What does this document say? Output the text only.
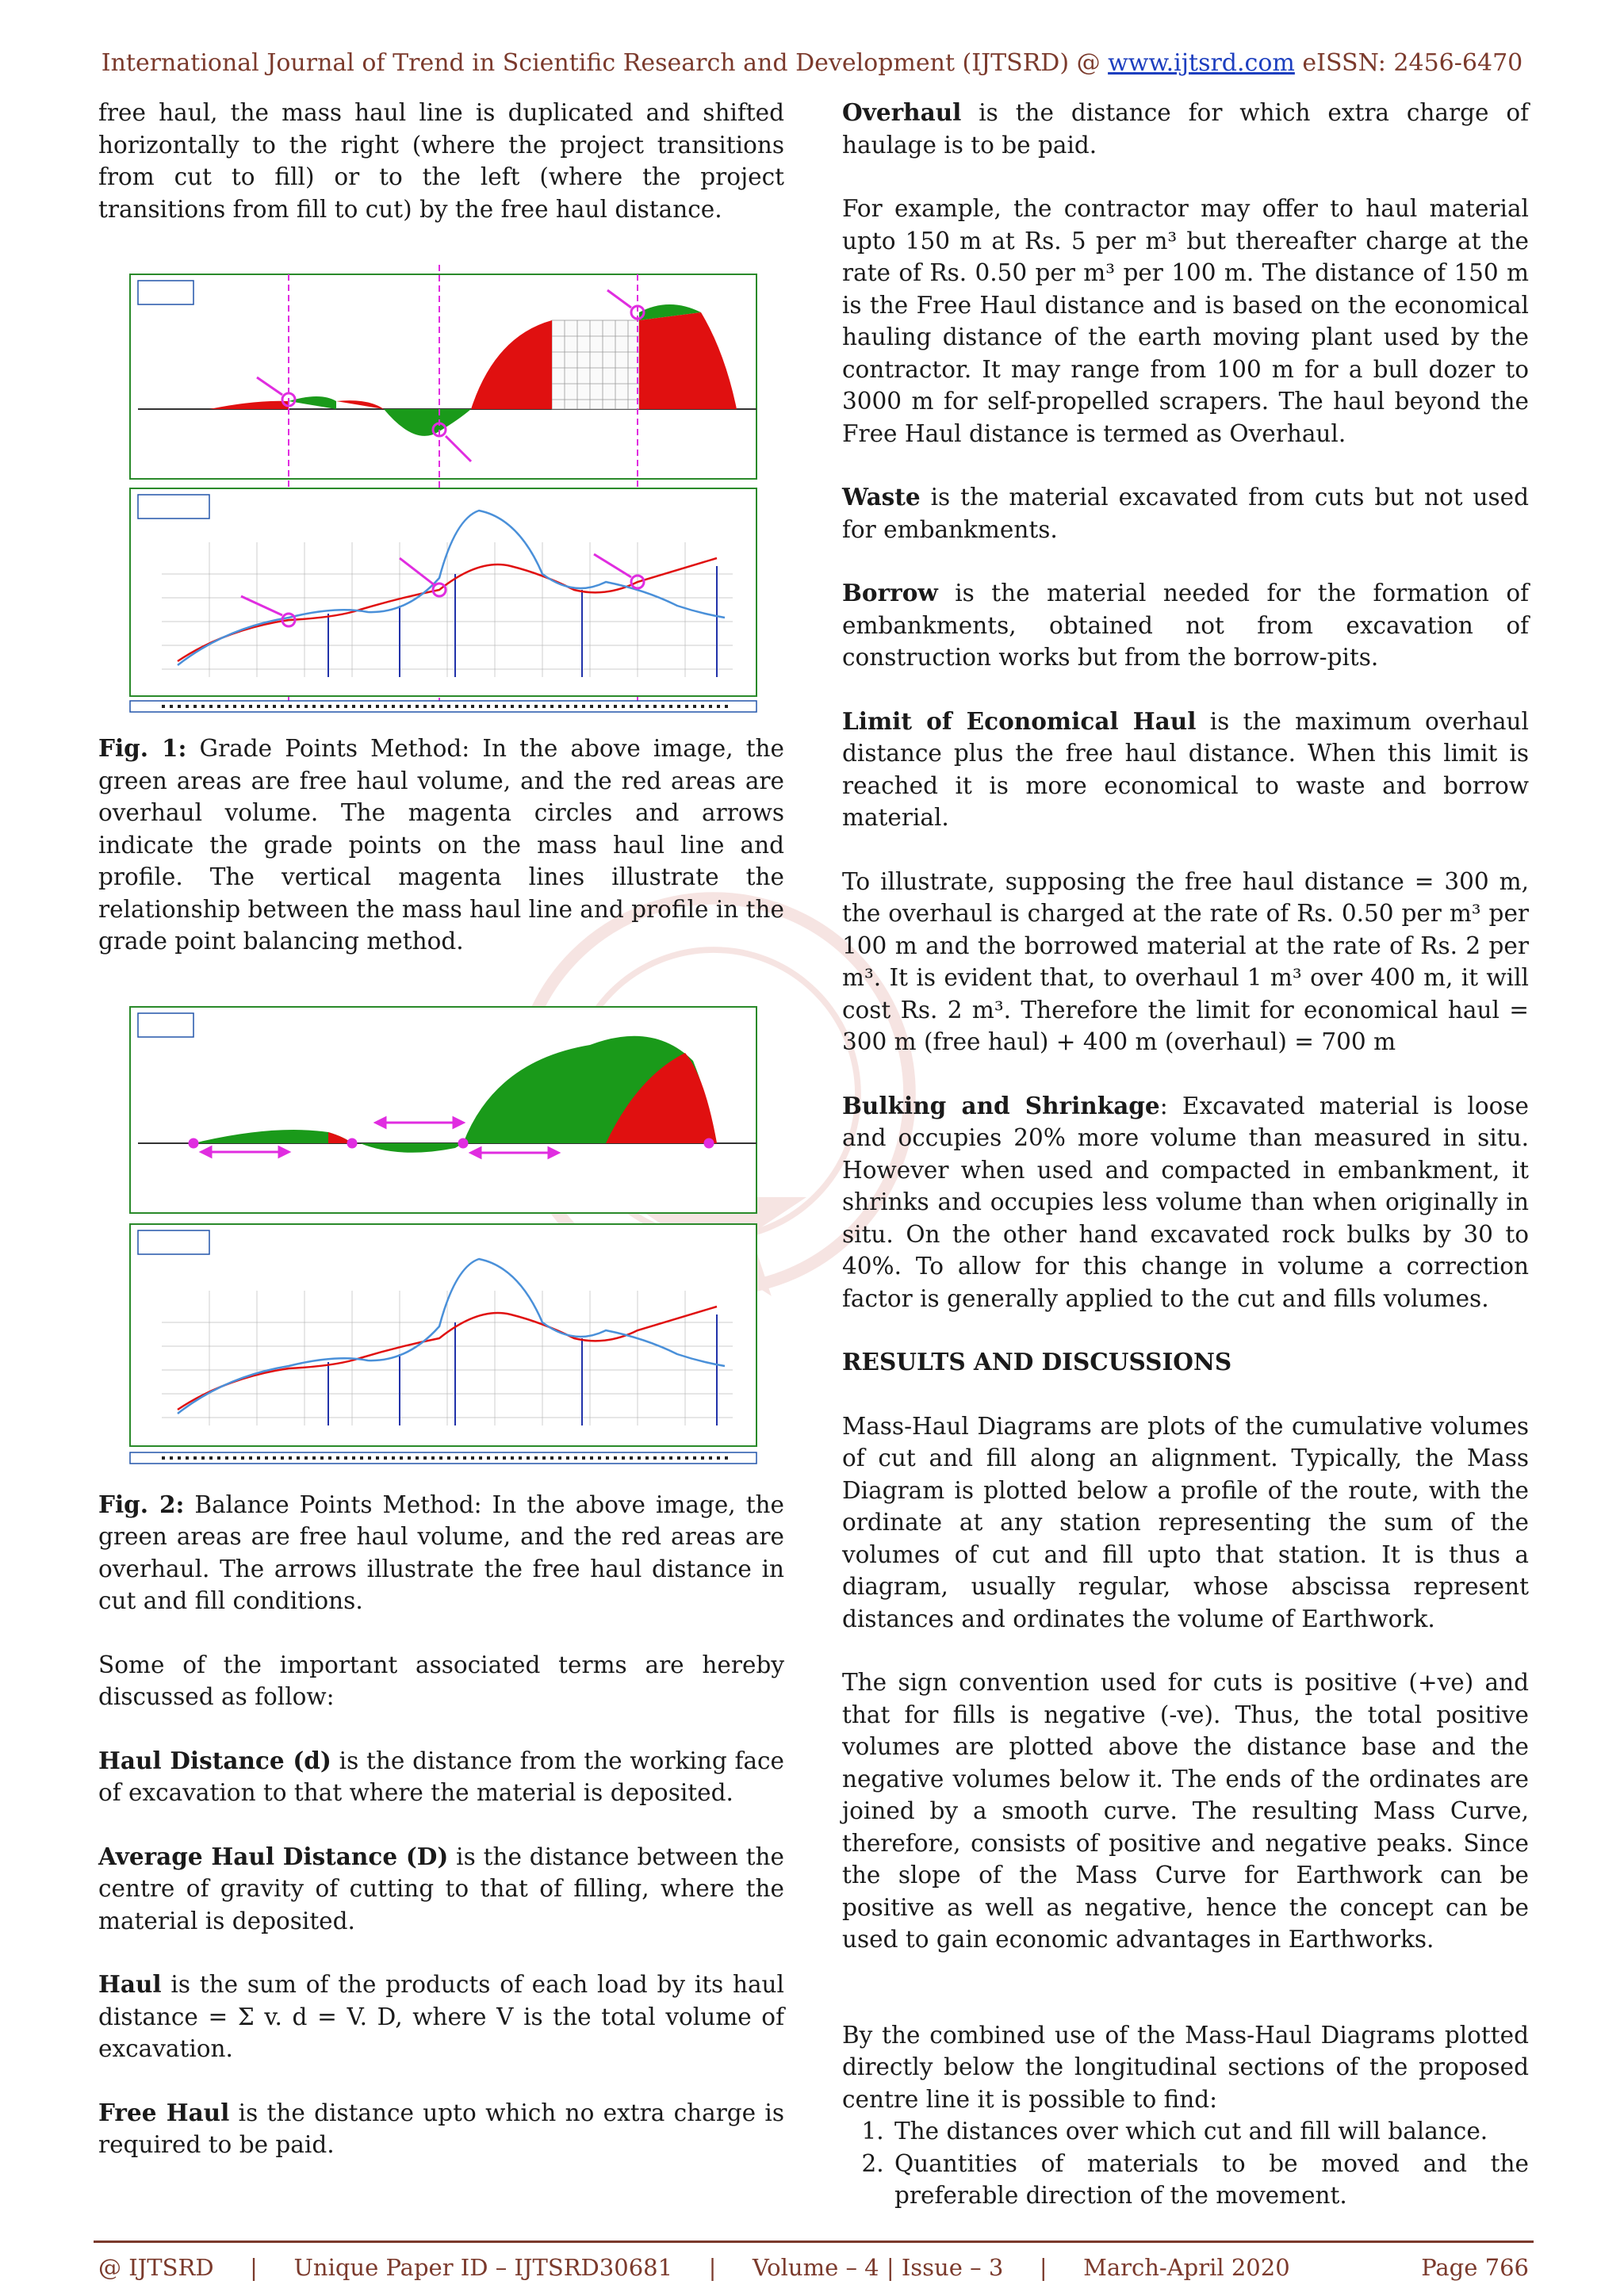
International Journal of Trend in Scientific Research and Development (IJTSRD) @ www.ijtsrd.com eISSN: 2456-6470

free haul, the mass haul line is duplicated and shifted horizontally to the right (where the project transitions from cut to fill) or to the left (where the project transitions from fill to cut) by the free haul distance.

Fig. 1: Grade Points Method: In the above image, the green areas are free haul volume, and the red areas are overhaul volume. The magenta circles and arrows indicate the grade points on the mass haul line and profile. The vertical magenta lines illustrate the relationship between the mass haul line and profile in the grade point balancing method.

Fig. 2: Balance Points Method: In the above image, the green areas are free haul volume, and the red areas are overhaul. The arrows illustrate the free haul distance in cut and fill conditions.

Some of the important associated terms are hereby discussed as follow:

Haul Distance (d) is the distance from the working face of excavation to that where the material is deposited.

Average Haul Distance (D) is the distance between the centre of gravity of cutting to that of filling, where the material is deposited.

Haul is the sum of the products of each load by its haul distance = Σ v. d = V. D, where V is the total volume of excavation.

Free Haul is the distance upto which no extra charge is required to be paid.

Overhaul is the distance for which extra charge of haulage is to be paid.

For example, the contractor may offer to haul material upto 150 m at Rs. 5 per m³ but thereafter charge at the rate of Rs. 0.50 per m³ per 100 m. The distance of 150 m is the Free Haul distance and is based on the economical hauling distance of the earth moving plant used by the contractor. It may range from 100 m for a bull dozer to 3000 m for self-propelled scrapers. The haul beyond the Free Haul distance is termed as Overhaul.

Waste is the material excavated from cuts but not used for embankments.

Borrow is the material needed for the formation of embankments, obtained not from excavation of construction works but from the borrow-pits.

Limit of Economical Haul is the maximum overhaul distance plus the free haul distance. When this limit is reached it is more economical to waste and borrow material.

To illustrate, supposing the free haul distance = 300 m, the overhaul is charged at the rate of Rs. 0.50 per m³ per 100 m and the borrowed material at the rate of Rs. 2 per m³. It is evident that, to overhaul 1 m³ over 400 m, it will cost Rs. 2 m³. Therefore the limit for economical haul = 300 m (free haul) + 400 m (overhaul) = 700 m

Bulking and Shrinkage: Excavated material is loose and occupies 20% more volume than measured in situ. However when used and compacted in embankment, it shrinks and occupies less volume than when originally in situ. On the other hand excavated rock bulks by 30 to 40%. To allow for this change in volume a correction factor is generally applied to the cut and fills volumes.

RESULTS AND DISCUSSIONS

Mass-Haul Diagrams are plots of the cumulative volumes of cut and fill along an alignment. Typically, the Mass Diagram is plotted below a profile of the route, with the ordinate at any station representing the sum of the volumes of cut and fill upto that station. It is thus a diagram, usually regular, whose abscissa represent distances and ordinates the volume of Earthwork.

The sign convention used for cuts is positive (+ve) and that for fills is negative (-ve). Thus, the total positive volumes are plotted above the distance base and the negative volumes below it. The ends of the ordinates are joined by a smooth curve. The resulting Mass Curve, therefore, consists of positive and negative peaks. Since the slope of the Mass Curve for Earthwork can be positive as well as negative, hence the concept can be used to gain economic advantages in Earthworks.

By the combined use of the Mass-Haul Diagrams plotted directly below the longitudinal sections of the proposed centre line it is possible to find:

1. The distances over which cut and fill will balance.
2. Quantities of materials to be moved and the preferable direction of the movement.
@ IJTSRD | Unique Paper ID – IJTSRD30681 | Volume – 4 | Issue – 3 | March-April 2020	Page 766
